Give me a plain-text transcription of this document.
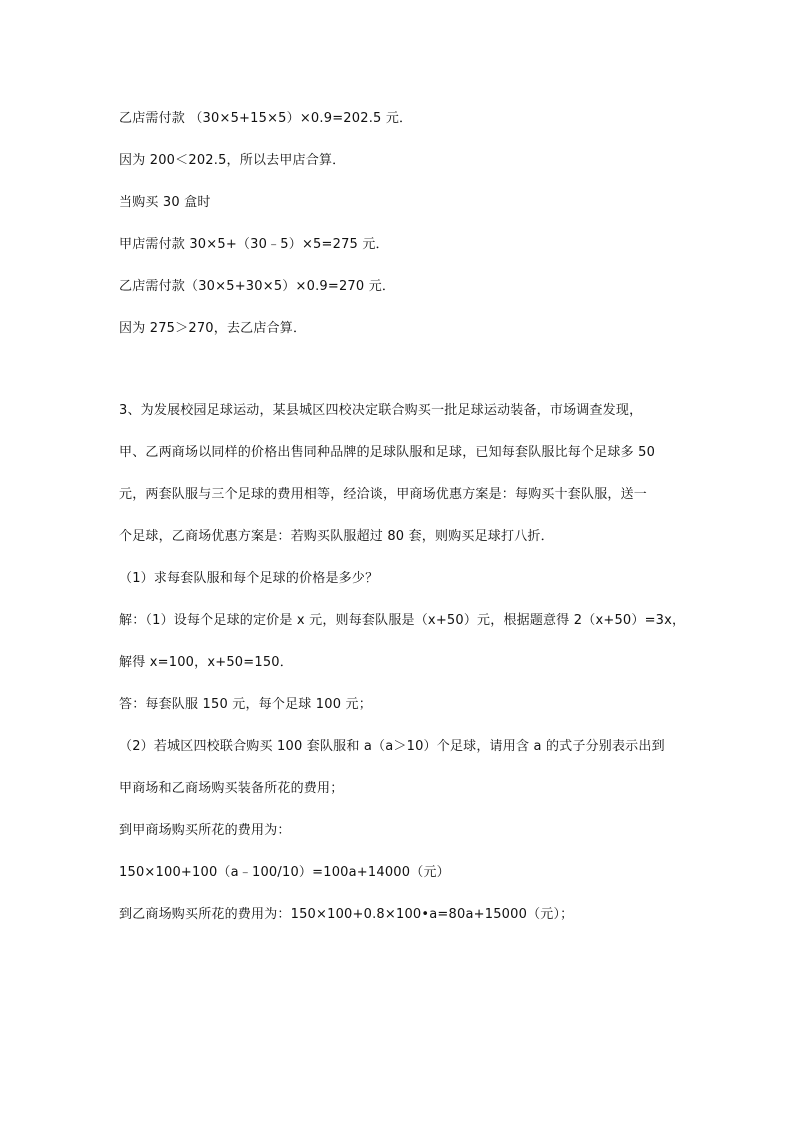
乙店需付款 （30×5+15×5）×0.9=202.5 元．
因为 200＜202.5，所以去甲店合算．
当购买 30 盒时
甲店需付款 30×5+（30﹣5）×5=275 元．
乙店需付款（30×5+30×5）×0.9=270 元．
因为 275＞270，去乙店合算．
3、为发展校园足球运动，某县城区四校决定联合购买一批足球运动装备，市场调查发现，
甲、乙两商场以同样的价格出售同种品牌的足球队服和足球，已知每套队服比每个足球多 50
元，两套队服与三个足球的费用相等，经洽谈，甲商场优惠方案是：每购买十套队服，送一
个足球，乙商场优惠方案是：若购买队服超过 80 套，则购买足球打八折．
（1）求每套队服和每个足球的价格是多少？
解：（1）设每个足球的定价是 x 元，则每套队服是（x+50）元，根据题意得 2（x+50）=3x，
解得 x=100，x+50=150．
答：每套队服 150 元，每个足球 100 元；
（2）若城区四校联合购买 100 套队服和 a（a＞10）个足球，请用含 a 的式子分别表示出到
甲商场和乙商场购买装备所花的费用；
到甲商场购买所花的费用为：
150×100+100（a﹣100/10）=100a+14000（元）
到乙商场购买所花的费用为：150×100+0.8×100•a=80a+15000（元）；
